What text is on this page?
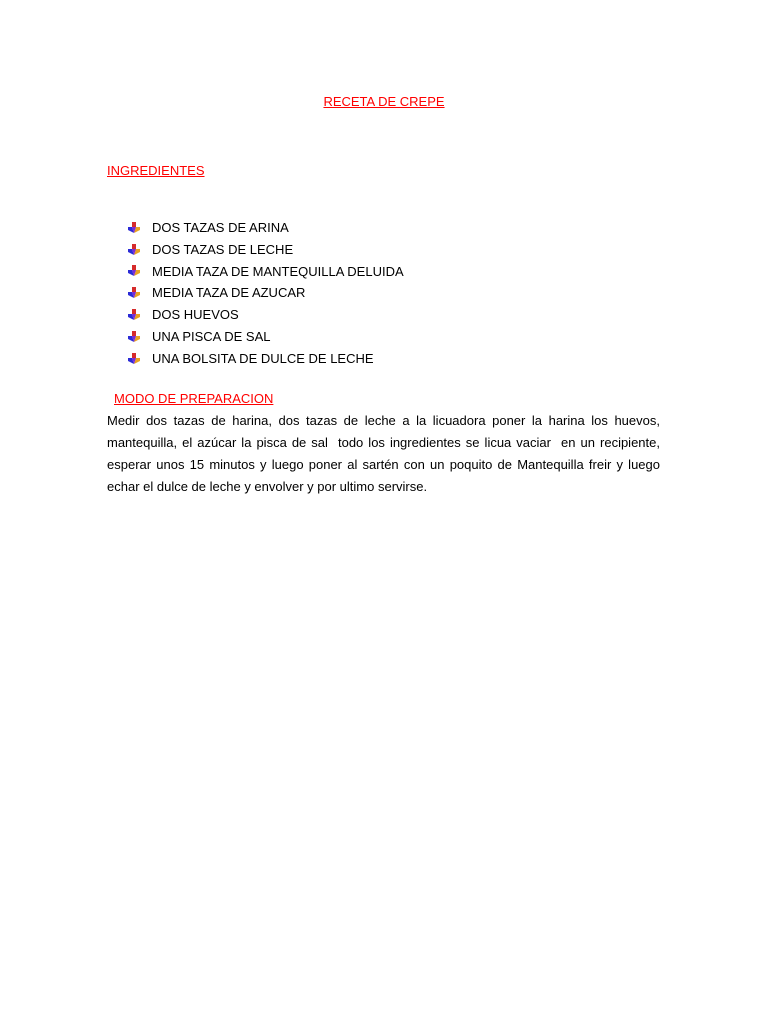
RECETA DE CREPE
INGREDIENTES
DOS TAZAS DE ARINA
DOS TAZAS DE LECHE
MEDIA TAZA DE MANTEQUILLA DELUIDA
MEDIA TAZA DE AZUCAR
DOS HUEVOS
UNA PISCA DE SAL
UNA BOLSITA DE DULCE DE LECHE
MODO DE PREPARACION

Medir dos tazas de harina, dos tazas de leche a la licuadora poner la harina los huevos, mantequilla, el azúcar la pisca de sal  todo los ingredientes se licua vaciar  en un recipiente, esperar unos 15 minutos y luego poner al sartén con un poquito de Mantequilla freir y luego echar el dulce de leche y envolver y por ultimo servirse.
